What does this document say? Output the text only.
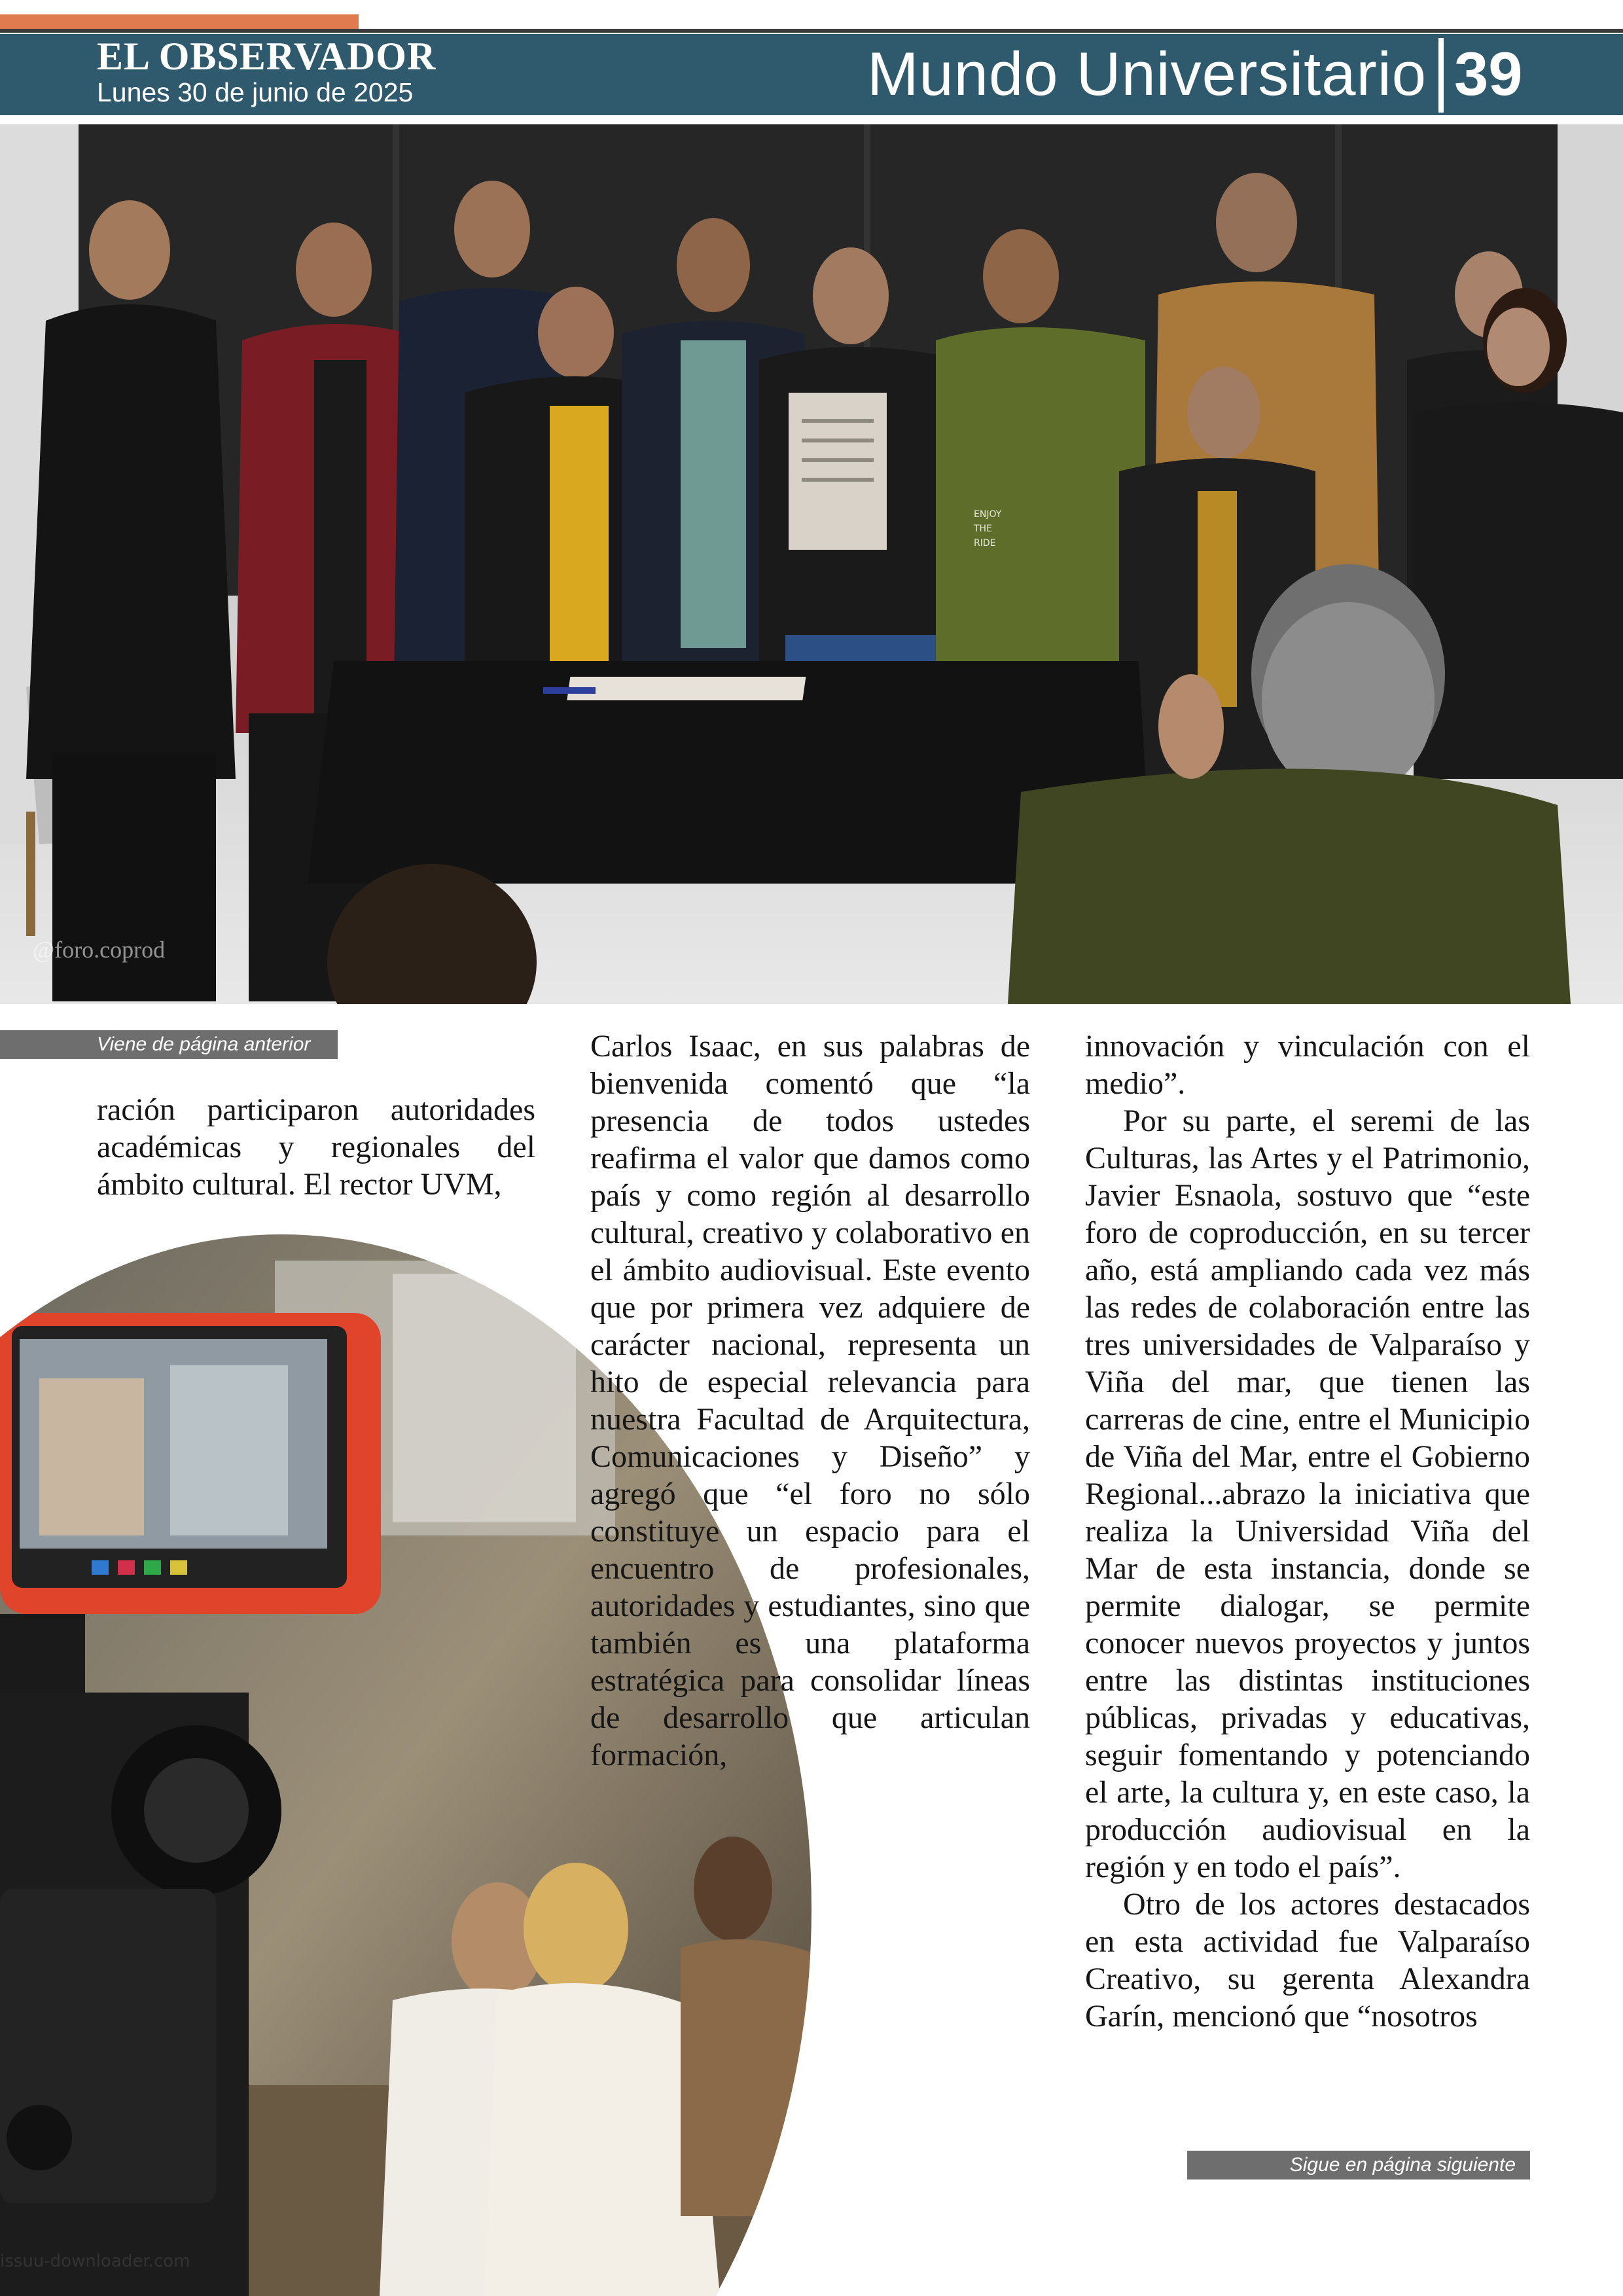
EL OBSERVADOR
Lunes 30 de junio de 2025	Mundo Universitario 39
ENJOY
THE
RIDE
@foro.coprod
Viene de página anterior
Sigue en página siguiente

ración participaron autoridades académicas y regionales del ámbito cultural. El rector UVM,

Carlos Isaac, en sus palabras de bienvenida comentó que “la presencia de todos ustedes reafirma el valor que damos como país y como región al desarrollo cultural, creativo y colaborativo en el ámbito audiovisual. Este evento que por primera vez adquiere de carácter nacional, representa un hito de especial relevancia para nuestra Facultad de Arquitectura, Comunicaciones y Diseño” y agregó que “el foro no sólo constituye un espacio para el encuentro de profesionales, autoridades y estudiantes, sino que también es una plataforma estratégica para consolidar líneas de desarrollo que articulan formación,

innovación y vinculación con el medio”.

Por su parte, el seremi de las Culturas, las Artes y el Patrimonio, Javier Esnaola, sostuvo que “este foro de coproducción, en su tercer año, está ampliando cada vez más las redes de colaboración entre las tres universidades de Valparaíso y Viña del mar, que tienen las carreras de cine, entre el Municipio de Viña del Mar, entre el Gobierno Regional...abrazo la iniciativa que realiza la Universidad Viña del Mar de esta instancia, donde se permite dialogar, se permite conocer nuevos proyectos y juntos entre las distintas instituciones públicas, privadas y educativas, seguir fomentando y potenciando el arte, la cultura y, en este caso, la producción audiovisual en la región y en todo el país”.

Otro de los actores destacados en esta actividad fue Valparaíso Creativo, su gerenta Alexandra Garín, mencionó que “nosotros

issuu-downloader.com
